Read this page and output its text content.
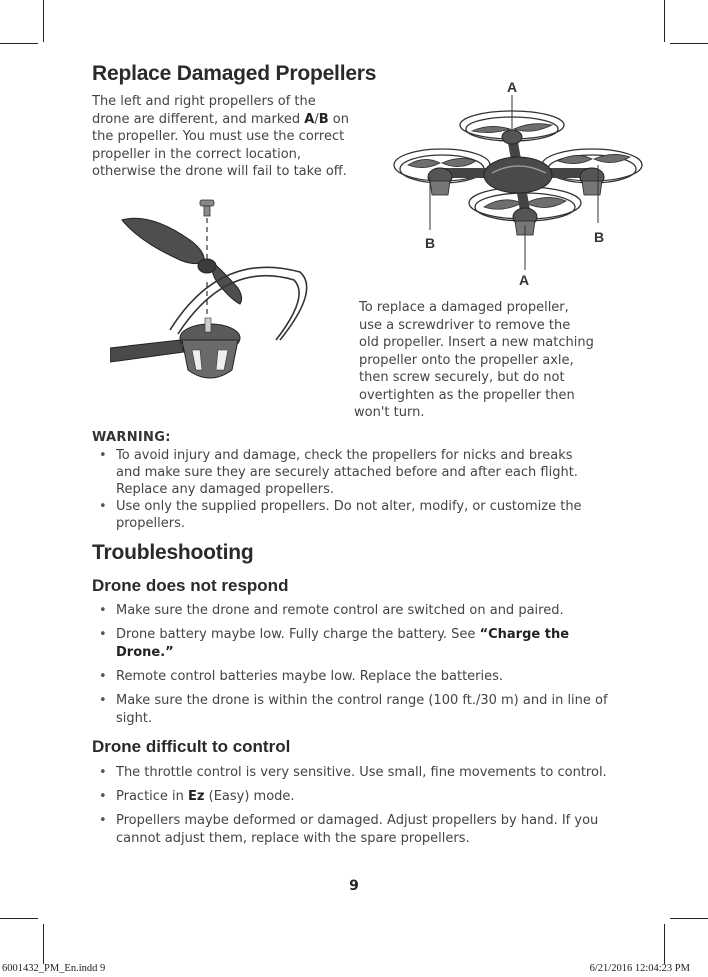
Replace Damaged Propellers
The left and right propellers of the
drone are different, and marked A/B on
the propeller. You must use the correct
propeller in the correct location,
otherwise the drone will fail to take off.
A
B	B
A
To replace a damaged propeller,
use a screwdriver to remove the
old propeller. Insert a new matching
propeller onto the propeller axle,
then screw securely, but do not
overtighten as the propeller then
won't turn.
WARNING:
• To avoid injury and damage, check the propellers for nicks and breaks
and make sure they are securely attached before and after each flight.
Replace any damaged propellers.
• Use only the supplied propellers. Do not alter, modify, or customize the
propellers.
Troubleshooting
Drone does not respond
• Make sure the drone and remote control are switched on and paired.
• Drone battery maybe low. Fully charge the battery. See “Charge the
Drone.”
• Remote control batteries maybe low. Replace the batteries.
• Make sure the drone is within the control range (100 ft./30 m) and in line of
sight.
Drone difficult to control
• The throttle control is very sensitive. Use small, fine movements to control.
• Practice in Ez (Easy) mode.
• Propellers maybe deformed or damaged. Adjust propellers by hand. If you
cannot adjust them, replace with the spare propellers.
9
6001432_PM_En.indd 9	6/21/2016 12:04:23 PM
